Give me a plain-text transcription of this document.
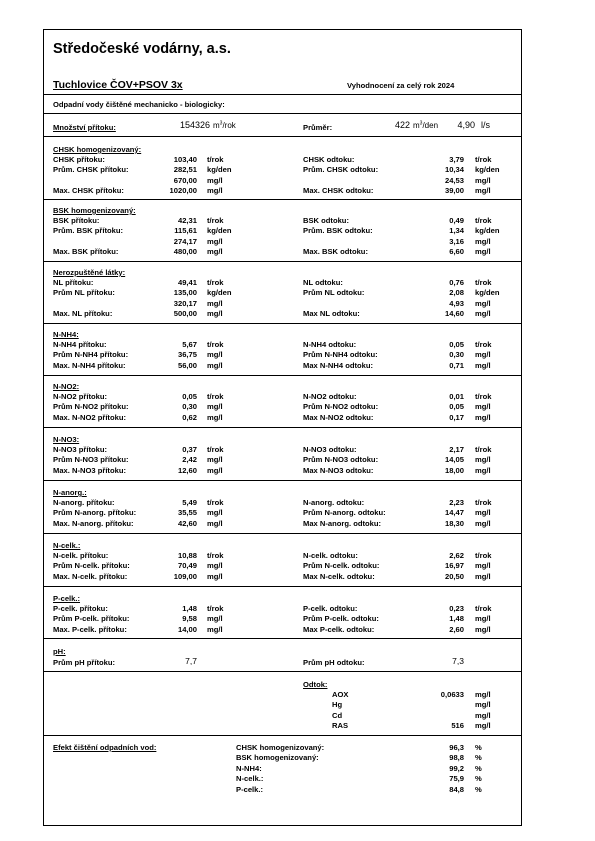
Středočeské vodárny, a.s.
Tuchlovice ČOV+PSOV 3x	Vyhodnocení za celý rok 2024
Odpadní vody čištěné mechanicko - biologicky:
Množství přítoku:	154326 $m^3$/rok	Průměr:	422 $m^3$/den	4,90 l/s
CHSK homogenizovaný:
CHSK přítoku:	103,40 t/rok	CHSK odtoku:	3,79 t/rok
Prům. CHSK přítoku:	282,51 kg/den	Prům. CHSK odtoku:	10,34 kg/den
670,00 mg/l	24,53 mg/l
Max. CHSK přítoku:	1020,00 mg/l	Max. CHSK odtoku:	39,00 mg/l
BSK homogenizovaný:
BSK přítoku:	42,31 t/rok	BSK odtoku:	0,49 t/rok
Prům. BSK přítoku:	115,61 kg/den	Prům. BSK odtoku:	1,34 kg/den
274,17 mg/l	3,16 mg/l
Max. BSK přítoku:	480,00 mg/l	Max. BSK odtoku:	6,60 mg/l
Nerozpuštěné látky:
NL přítoku:	49,41 t/rok	NL odtoku:	0,76 t/rok
Prům NL přítoku:	135,00 kg/den	Prům NL odtoku:	2,08 kg/den
320,17 mg/l	4,93 mg/l
Max. NL přítoku:	500,00 mg/l	Max NL odtoku:	14,60 mg/l
N-NH4:
N-NH4 přítoku:	5,67 t/rok	N-NH4 odtoku:	0,05 t/rok
Prům N-NH4 přítoku:	36,75 mg/l	Prům N-NH4 odtoku:	0,30 mg/l
Max. N-NH4 přítoku:	56,00 mg/l	Max N-NH4 odtoku:	0,71 mg/l
N-NO2:
N-NO2 přítoku:	0,05 t/rok	N-NO2 odtoku:	0,01 t/rok
Prům N-NO2 přítoku:	0,30 mg/l	Prům N-NO2 odtoku:	0,05 mg/l
Max. N-NO2 přítoku:	0,62 mg/l	Max N-NO2 odtoku:	0,17 mg/l
N-NO3:
N-NO3 přítoku:	0,37 t/rok	N-NO3 odtoku:	2,17 t/rok
Prům N-NO3 přítoku:	2,42 mg/l	Prům N-NO3 odtoku:	14,05 mg/l
Max. N-NO3 přítoku:	12,60 mg/l	Max N-NO3 odtoku:	18,00 mg/l
N-anorg.:
N-anorg. přítoku:	5,49 t/rok	N-anorg. odtoku:	2,23 t/rok
Prům N-anorg. přítoku:	35,55 mg/l	Prům N-anorg. odtoku:	14,47 mg/l
Max. N-anorg. přítoku:	42,60 mg/l	Max N-anorg. odtoku:	18,30 mg/l
N-celk.:
N-celk. přítoku:	10,88 t/rok	N-celk. odtoku:	2,62 t/rok
Prům N-celk. přítoku:	70,49 mg/l	Prům N-celk. odtoku:	16,97 mg/l
Max. N-celk. přítoku:	109,00 mg/l	Max N-celk. odtoku:	20,50 mg/l
P-celk.:
P-celk. přítoku:	1,48 t/rok	P-celk. odtoku:	0,23 t/rok
Prům P-celk. přítoku:	9,58 mg/l	Prům P-celk. odtoku:	1,48 mg/l
Max. P-celk. přítoku:	14,00 mg/l	Max P-celk. odtoku:	2,60 mg/l
pH:
Prům pH přítoku:	7,7	Prům pH odtoku:	7,3
Odtok:
AOX	0,0633 mg/l
Hg	mg/l
Cd	mg/l
RAS	516 mg/l
Efekt čištění odpadních vod:	CHSK homogenizovaný:	96,3 %
BSK homogenizovaný:	98,8 %
N-NH4:	99,2 %
N-celk.:	75,9 %
P-celk.:	84,8 %
